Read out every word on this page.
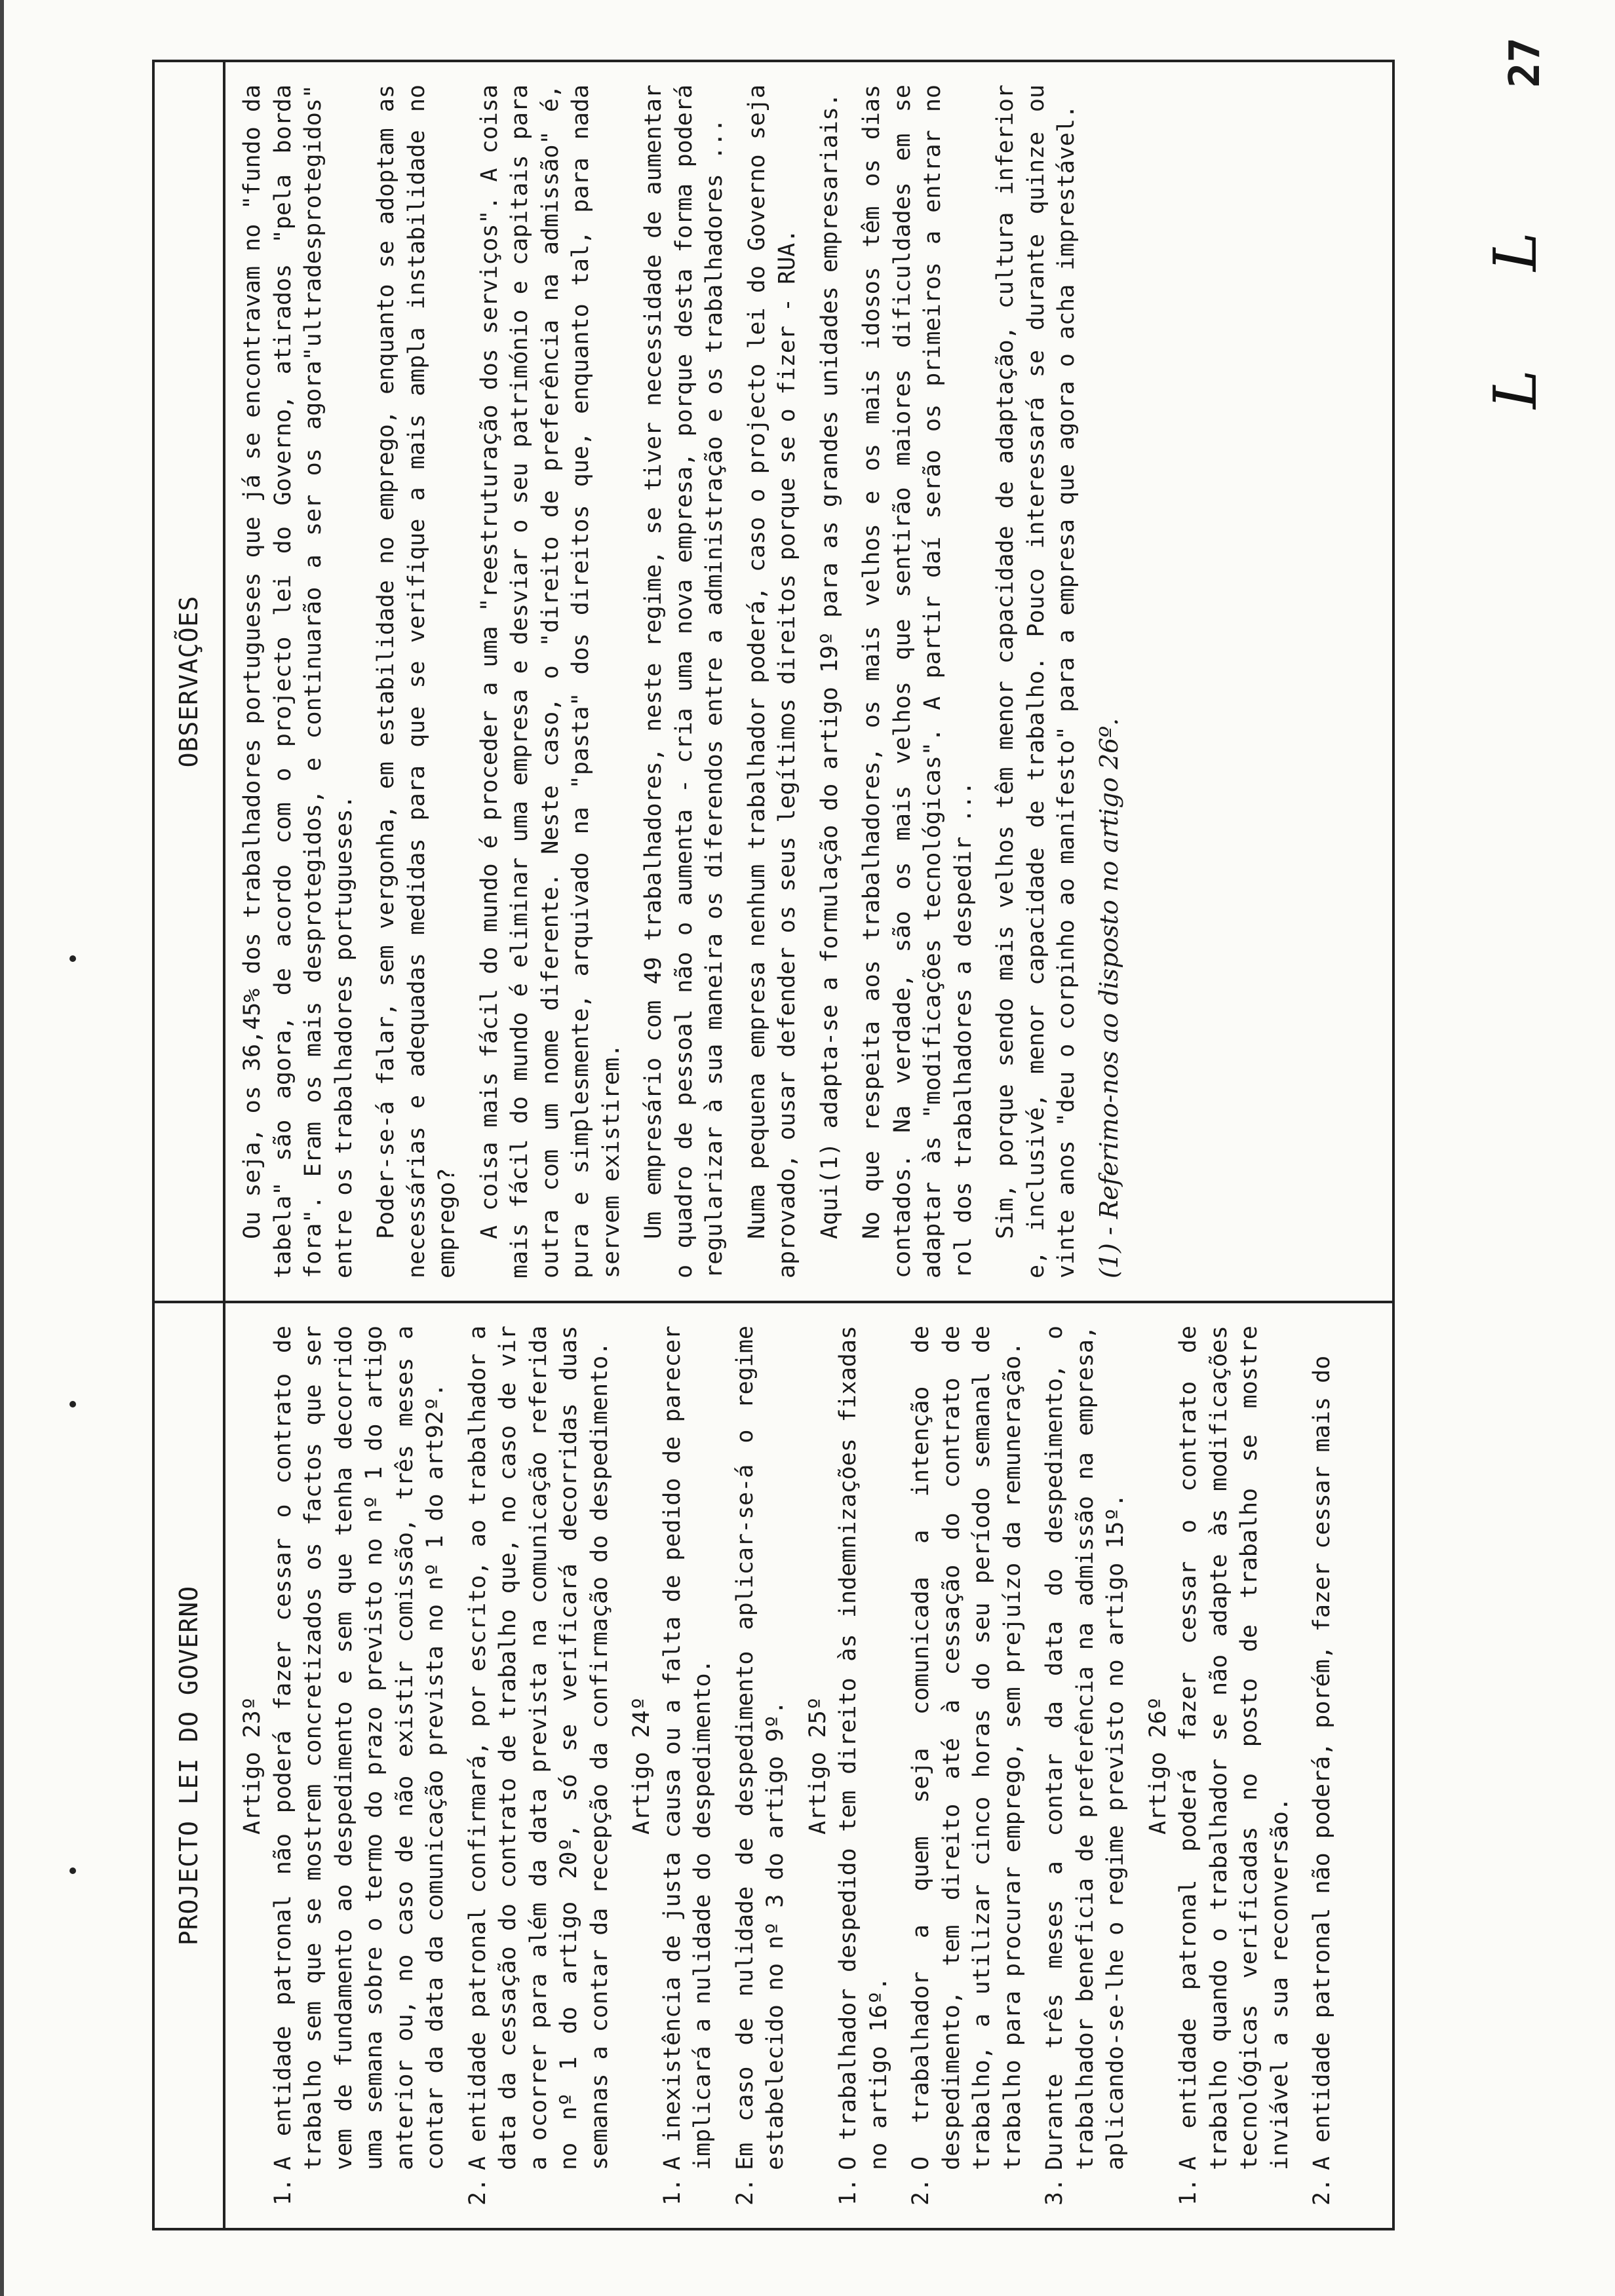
27
L
L
PROJECTO LEI DO GOVERNO	Artigo 23º
1.
A entidade patronal não poderá fazer cessar o contrato de trabalho sem que se mostrem concretizados os factos que ser vem de fundamento ao despedimento e sem que tenha decorrido uma semana sobre o termo do prazo previsto no nº 1 do artigo anterior ou, no caso de não existir comissão, três meses a contar da data da comunicação prevista no nº 1 do art92º.
2.
A entidade patronal confirmará, por escrito, ao trabalhador a data da cessação do contrato de trabalho que, no caso de vir a ocorrer para além da data prevista na comunicação referida no nº 1 do artigo 20º, só se verificará decorridas duas semanas a contar da recepção da confirmação do despedimento. Artigo 24º
1.
A inexistência de justa causa ou a falta de pedido de parecer implicará a nulidade do despedimento.
2.
Em caso de nulidade de despedimento aplicar-se-á o regime estabelecido no nº 3 do artigo 9º. Artigo 25º
1.
O trabalhador despedido tem direito às indemnizações fixadas no artigo 16º.
2.
O trabalhador a quem seja comunicada a intenção de despedimento, tem direito até à cessação do contrato de trabalho, a utilizar cinco horas do seu período semanal de trabalho para procurar emprego, sem prejuízo da remuneração.
3.
Durante três meses a contar da data do despedimento, o trabalhador beneficia de preferência na admissão na empresa, aplicando-se-lhe o regime previsto no artigo 15º. Artigo 26º
1.
A entidade patronal poderá fazer cessar o contrato de trabalho quando o trabalhador se não adapte às modificações tecnológicas verificadas no posto de trabalho se mostre inviável a sua reconversão.
2.
A entidade patronal não poderá, porém, fazer cessar mais do
OBSERVAÇÕES	Ou seja, os 36,45% dos trabalhadores portugueses que já se encontravam no "fundo da tabela" são agora, de acordo com o projecto lei do Governo, atirados "pela borda fora". Eram os mais desprotegidos, e continuarão a ser os agora"ultradesprotegidos" entre os trabalhadores portugueses. Poder-se-á falar, sem vergonha, em estabilidade no emprego, enquanto se adoptam as necessárias e adequadas medidas para que se verifique a mais ampla instabilidade no emprego? A coisa mais fácil do mundo é proceder a uma "reestruturação dos serviços". A coisa mais fácil do mundo é eliminar uma empresa e desviar o seu património e capitais para outra com um nome diferente. Neste caso, o "direito de preferência na admissão" é, pura e simplesmente, arquivado na "pasta" dos direitos que, enquanto tal, para nada servem existirem. Um empresário com 49 trabalhadores, neste regime, se tiver necessidade de aumentar o quadro de pessoal não o aumenta - cria uma nova empresa, porque desta forma poderá regularizar à sua maneira os diferendos entre a administração e os trabalhadores ... Numa pequena empresa nenhum trabalhador poderá, caso o projecto lei do Governo seja aprovado, ousar defender os seus legítimos direitos porque se o fizer - RUA. Aqui(1) adapta-se a formulação do artigo 19º para as grandes unidades empresariais. No que respeita aos trabalhadores, os mais velhos e os mais idosos têm os dias contados. Na verdade, são os mais velhos que sentirão maiores dificuldades em se adaptar às "modificações tecnológicas". A partir daí serão os primeiros a entrar no rol dos trabalhadores a despedir ... Sim, porque sendo mais velhos têm menor capacidade de adaptação, cultura inferior e, inclusivé, menor capacidade de trabalho. Pouco interessará se durante quinze ou vinte anos "deu o corpinho ao manifesto" para a empresa que agora o acha imprestável. (1) - Referimo-nos ao disposto no artigo 26º.
